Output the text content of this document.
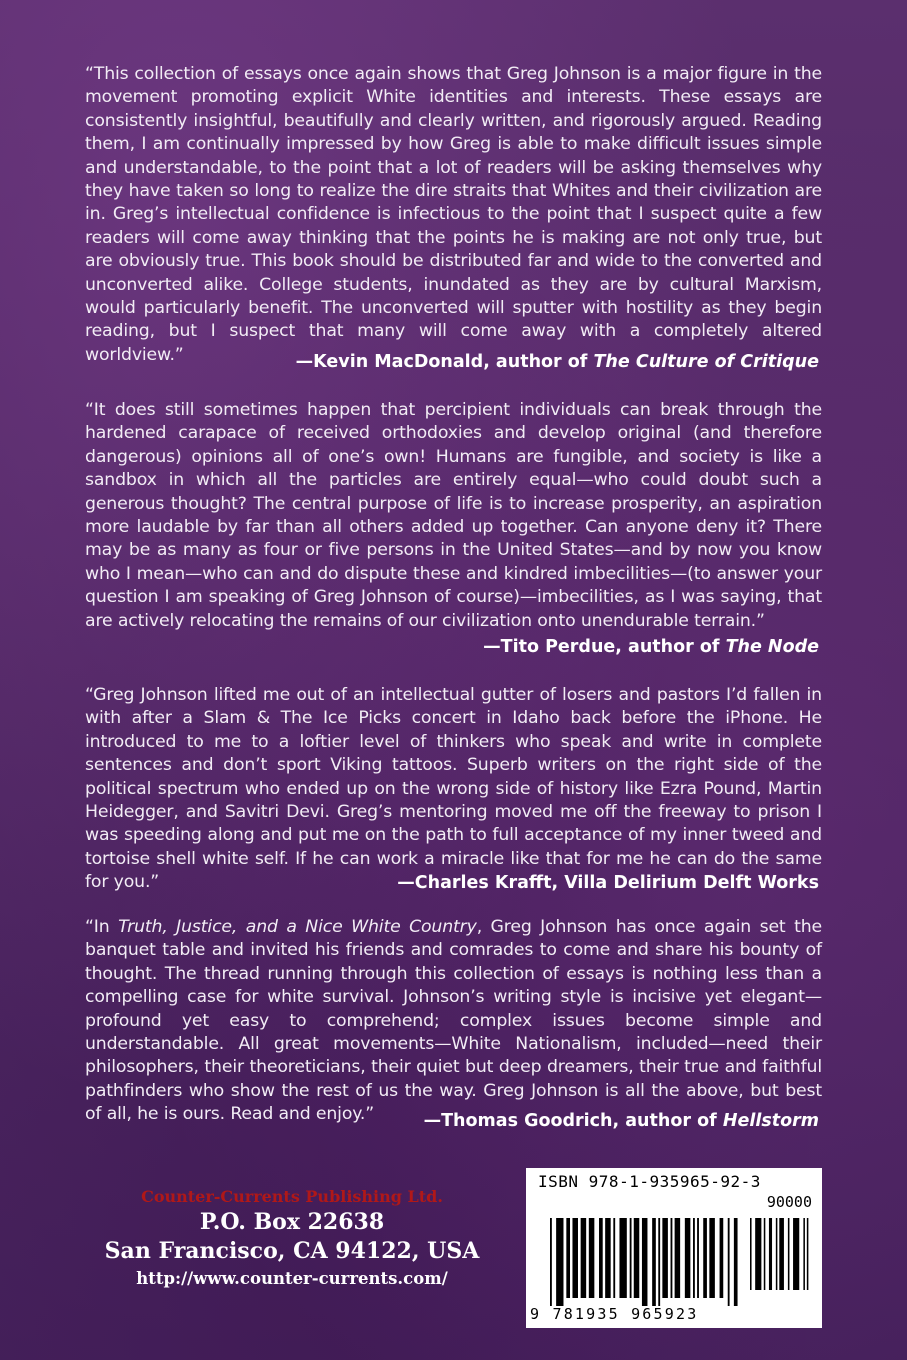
“This collection of essays once again shows that Greg Johnson is a major figure in the movement promoting explicit White identities and interests. These essays are consistently insightful, beautifully and clearly written, and rigorously argued. Reading them, I am continually impressed by how Greg is able to make difficult issues simple and understandable, to the point that a lot of readers will be asking themselves why they have taken so long to realize the dire straits that Whites and their civilization are in. Greg’s intellectual confidence is infectious to the point that I suspect quite a few readers will come away thinking that the points he is making are not only true, but are obviously true. This book should be distributed far and wide to the converted and unconverted alike. College students, inundated as they are by cultural Marxism, would particularly benefit. The unconverted will sputter with hostility as they begin reading, but I suspect that many will come away with a completely altered worldview.”	—Kevin MacDonald, author of The Culture of Critique

“It does still sometimes happen that percipient individuals can break through the hardened carapace of received orthodoxies and develop original (and therefore dangerous) opinions all of one’s own! Humans are fungible, and society is like a sandbox in which all the particles are entirely equal—who could doubt such a generous thought? The central purpose of life is to increase prosperity, an aspiration more laudable by far than all others added up together. Can anyone deny it? There may be as many as four or five persons in the United States—and by now you know who I mean—who can and do dispute these and kindred imbecilities—(to answer your question I am speaking of Greg Johnson of course)—imbecilities, as I was saying, that are actively relocating the remains of our civilization onto unendurable terrain.”

—Tito Perdue, author of The Node

“Greg Johnson lifted me out of an intellectual gutter of losers and pastors I’d fallen in with after a Slam & The Ice Picks concert in Idaho back before the iPhone. He introduced to me to a loftier level of thinkers who speak and write in complete sentences and don’t sport Viking tattoos. Superb writers on the right side of the political spectrum who ended up on the wrong side of history like Ezra Pound, Martin Heidegger, and Savitri Devi. Greg’s mentoring moved me off the freeway to prison I was speeding along and put me on the path to full acceptance of my inner tweed and tortoise shell white self. If he can work a miracle like that for me he can do the same for you.”	—Charles Krafft, Villa Delirium Delft Works

“In Truth, Justice, and a Nice White Country, Greg Johnson has once again set the banquet table and invited his friends and comrades to come and share his bounty of thought. The thread running through this collection of essays is nothing less than a compelling case for white survival. Johnson’s writing style is incisive yet elegant—profound yet easy to comprehend; complex issues become simple and understandable. All great movements—White Nationalism, included—need their philosophers, their theoreticians, their quiet but deep dreamers, their true and faithful pathfinders who show the rest of us the way. Greg Johnson is all the above, but best of all, he is ours. Read and enjoy.”	—Thomas Goodrich, author of Hellstorm
Counter-Currents Publishing Ltd.
P.O. Box 22638
San Francisco, CA 94122, USA
http://www.counter-currents.com/
ISBN 978-1-935965-92-3
90000
9 781935 965923
